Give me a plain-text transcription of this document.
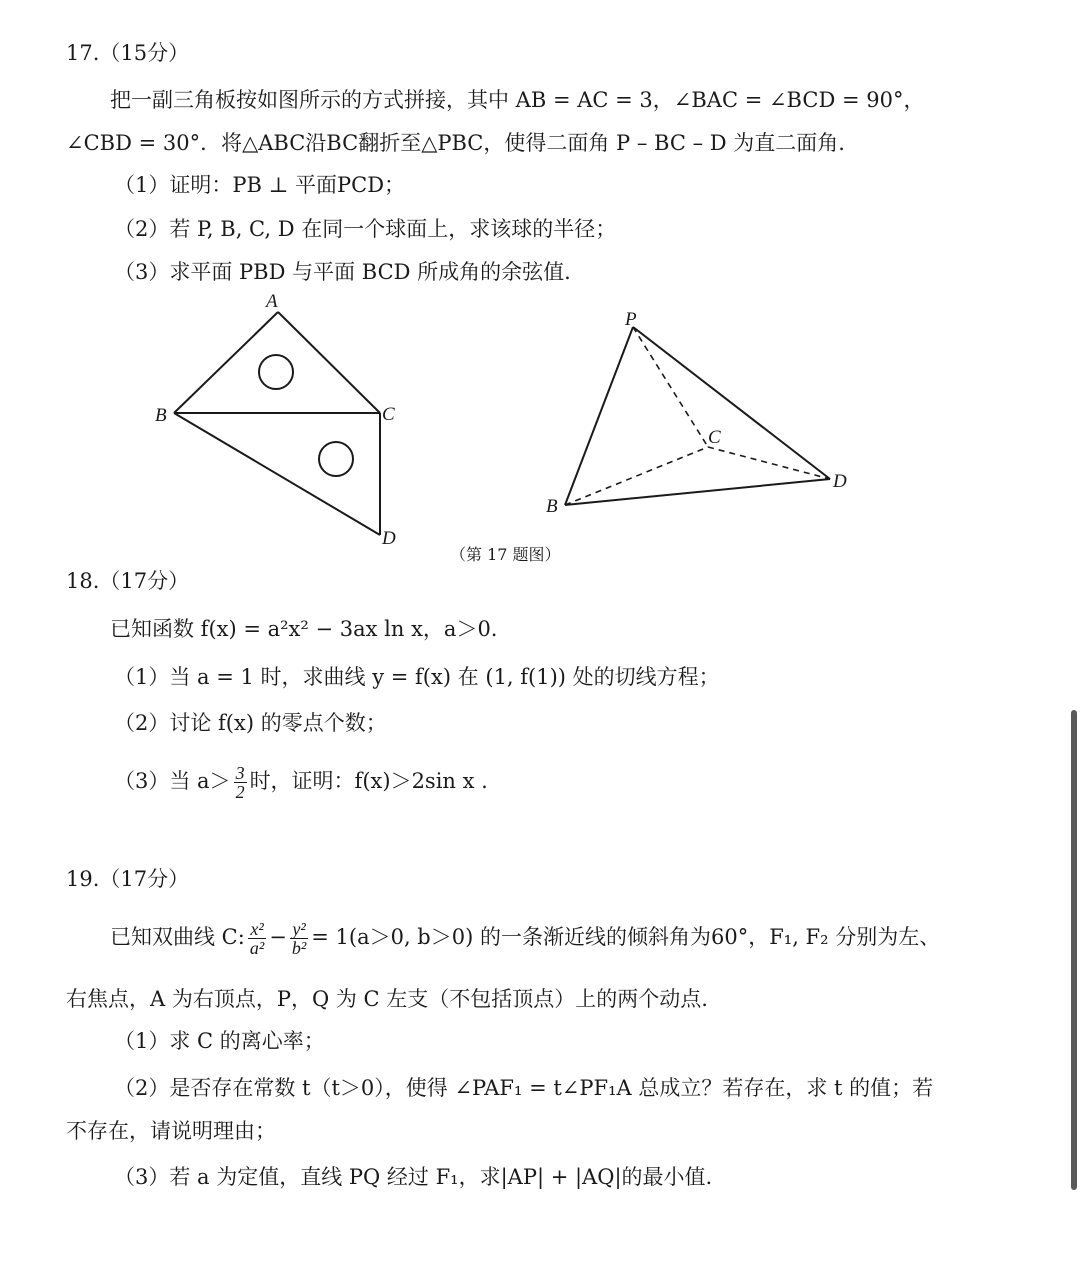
17.（15分）
把一副三角板按如图所示的方式拼接，其中 AB = AC = 3，∠BAC = ∠BCD = 90°，
∠CBD = 30°．将△ABC沿BC翻折至△PBC，使得二面角 P – BC – D 为直二面角.
（1）证明：PB ⊥ 平面PCD；
（2）若 P, B, C, D 在同一个球面上，求该球的半径；
（3）求平面 PBD 与平面 BCD 所成角的余弦值.
A
B	C
D
P
B
C
D
（第 17 题图）
18.（17分）
已知函数 f(x) = a²x² − 3ax ln x，a＞0.
（1）当 a = 1 时，求曲线 y = f(x) 在 (1, f(1)) 处的切线方程；
（2）讨论 f(x) 的零点个数；
（3）当 $a> \frac{3}{2}$ 时，证明：f(x)＞2sin x .
19.（17分）
已知双曲线 C: $\frac{\text{x²}}{\text{a²}} - \frac{\text{y²}}{\text{b²}} = 1(a>0$, b＞0) 的一条渐近线的倾斜角为60°，F₁, F₂ 分别为左、
右焦点，A 为右顶点，P，Q 为 C 左支（不包括顶点）上的两个动点.
（1）求 C 的离心率；
（2）是否存在常数 t（t＞0），使得 ∠PAF₁ = t∠PF₁A 总成立？若存在，求 t 的值；若
不存在，请说明理由；
（3）若 a 为定值，直线 PQ 经过 F₁，求|AP| + |AQ|的最小值.
